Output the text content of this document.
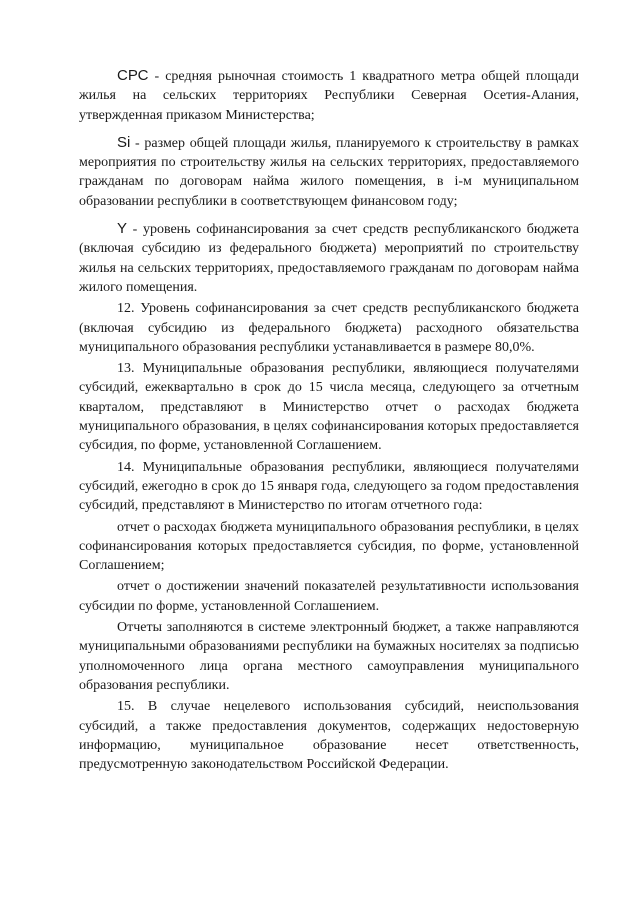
СРС - средняя рыночная стоимость 1 квадратного метра общей площади жилья на сельских территориях Республики Северная Осетия-Алания, утвержденная приказом Министерства;

Si - размер общей площади жилья, планируемого к строительству в рамках мероприятия по строительству жилья на сельских территориях, предоставляемого гражданам по договорам найма жилого помещения, в i-м муниципальном образовании республики в соответствующем финансовом году;

Y - уровень софинансирования за счет средств республиканского бюджета (включая субсидию из федерального бюджета) мероприятий по строительству жилья на сельских территориях, предоставляемого гражданам по договорам найма жилого помещения.

12. Уровень софинансирования за счет средств республиканского бюджета (включая субсидию из федерального бюджета) расходного обязательства муниципального образования республики устанавливается в размере 80,0%.

13. Муниципальные образования республики, являющиеся получателями субсидий, ежеквартально в срок до 15 числа месяца, следующего за отчетным кварталом, представляют в Министерство отчет о расходах бюджета муниципального образования, в целях софинансирования которых предоставляется субсидия, по форме, установленной Соглашением.

14. Муниципальные образования республики, являющиеся получателями субсидий, ежегодно в срок до 15 января года, следующего за годом предоставления субсидий, представляют в Министерство по итогам отчетного года:

отчет о расходах бюджета муниципального образования республики, в целях софинансирования которых предоставляется субсидия, по форме, установленной Соглашением;

отчет о достижении значений показателей результативности использования субсидии по форме, установленной Соглашением.

Отчеты заполняются в системе электронный бюджет, а также направляются муниципальными образованиями республики на бумажных носителях за подписью уполномоченного лица органа местного самоуправления муниципального образования республики.

15. В случае нецелевого использования субсидий, неиспользования субсидий, а также предоставления документов, содержащих недостоверную информацию, муниципальное образование несет ответственность, предусмотренную законодательством Российской Федерации.
